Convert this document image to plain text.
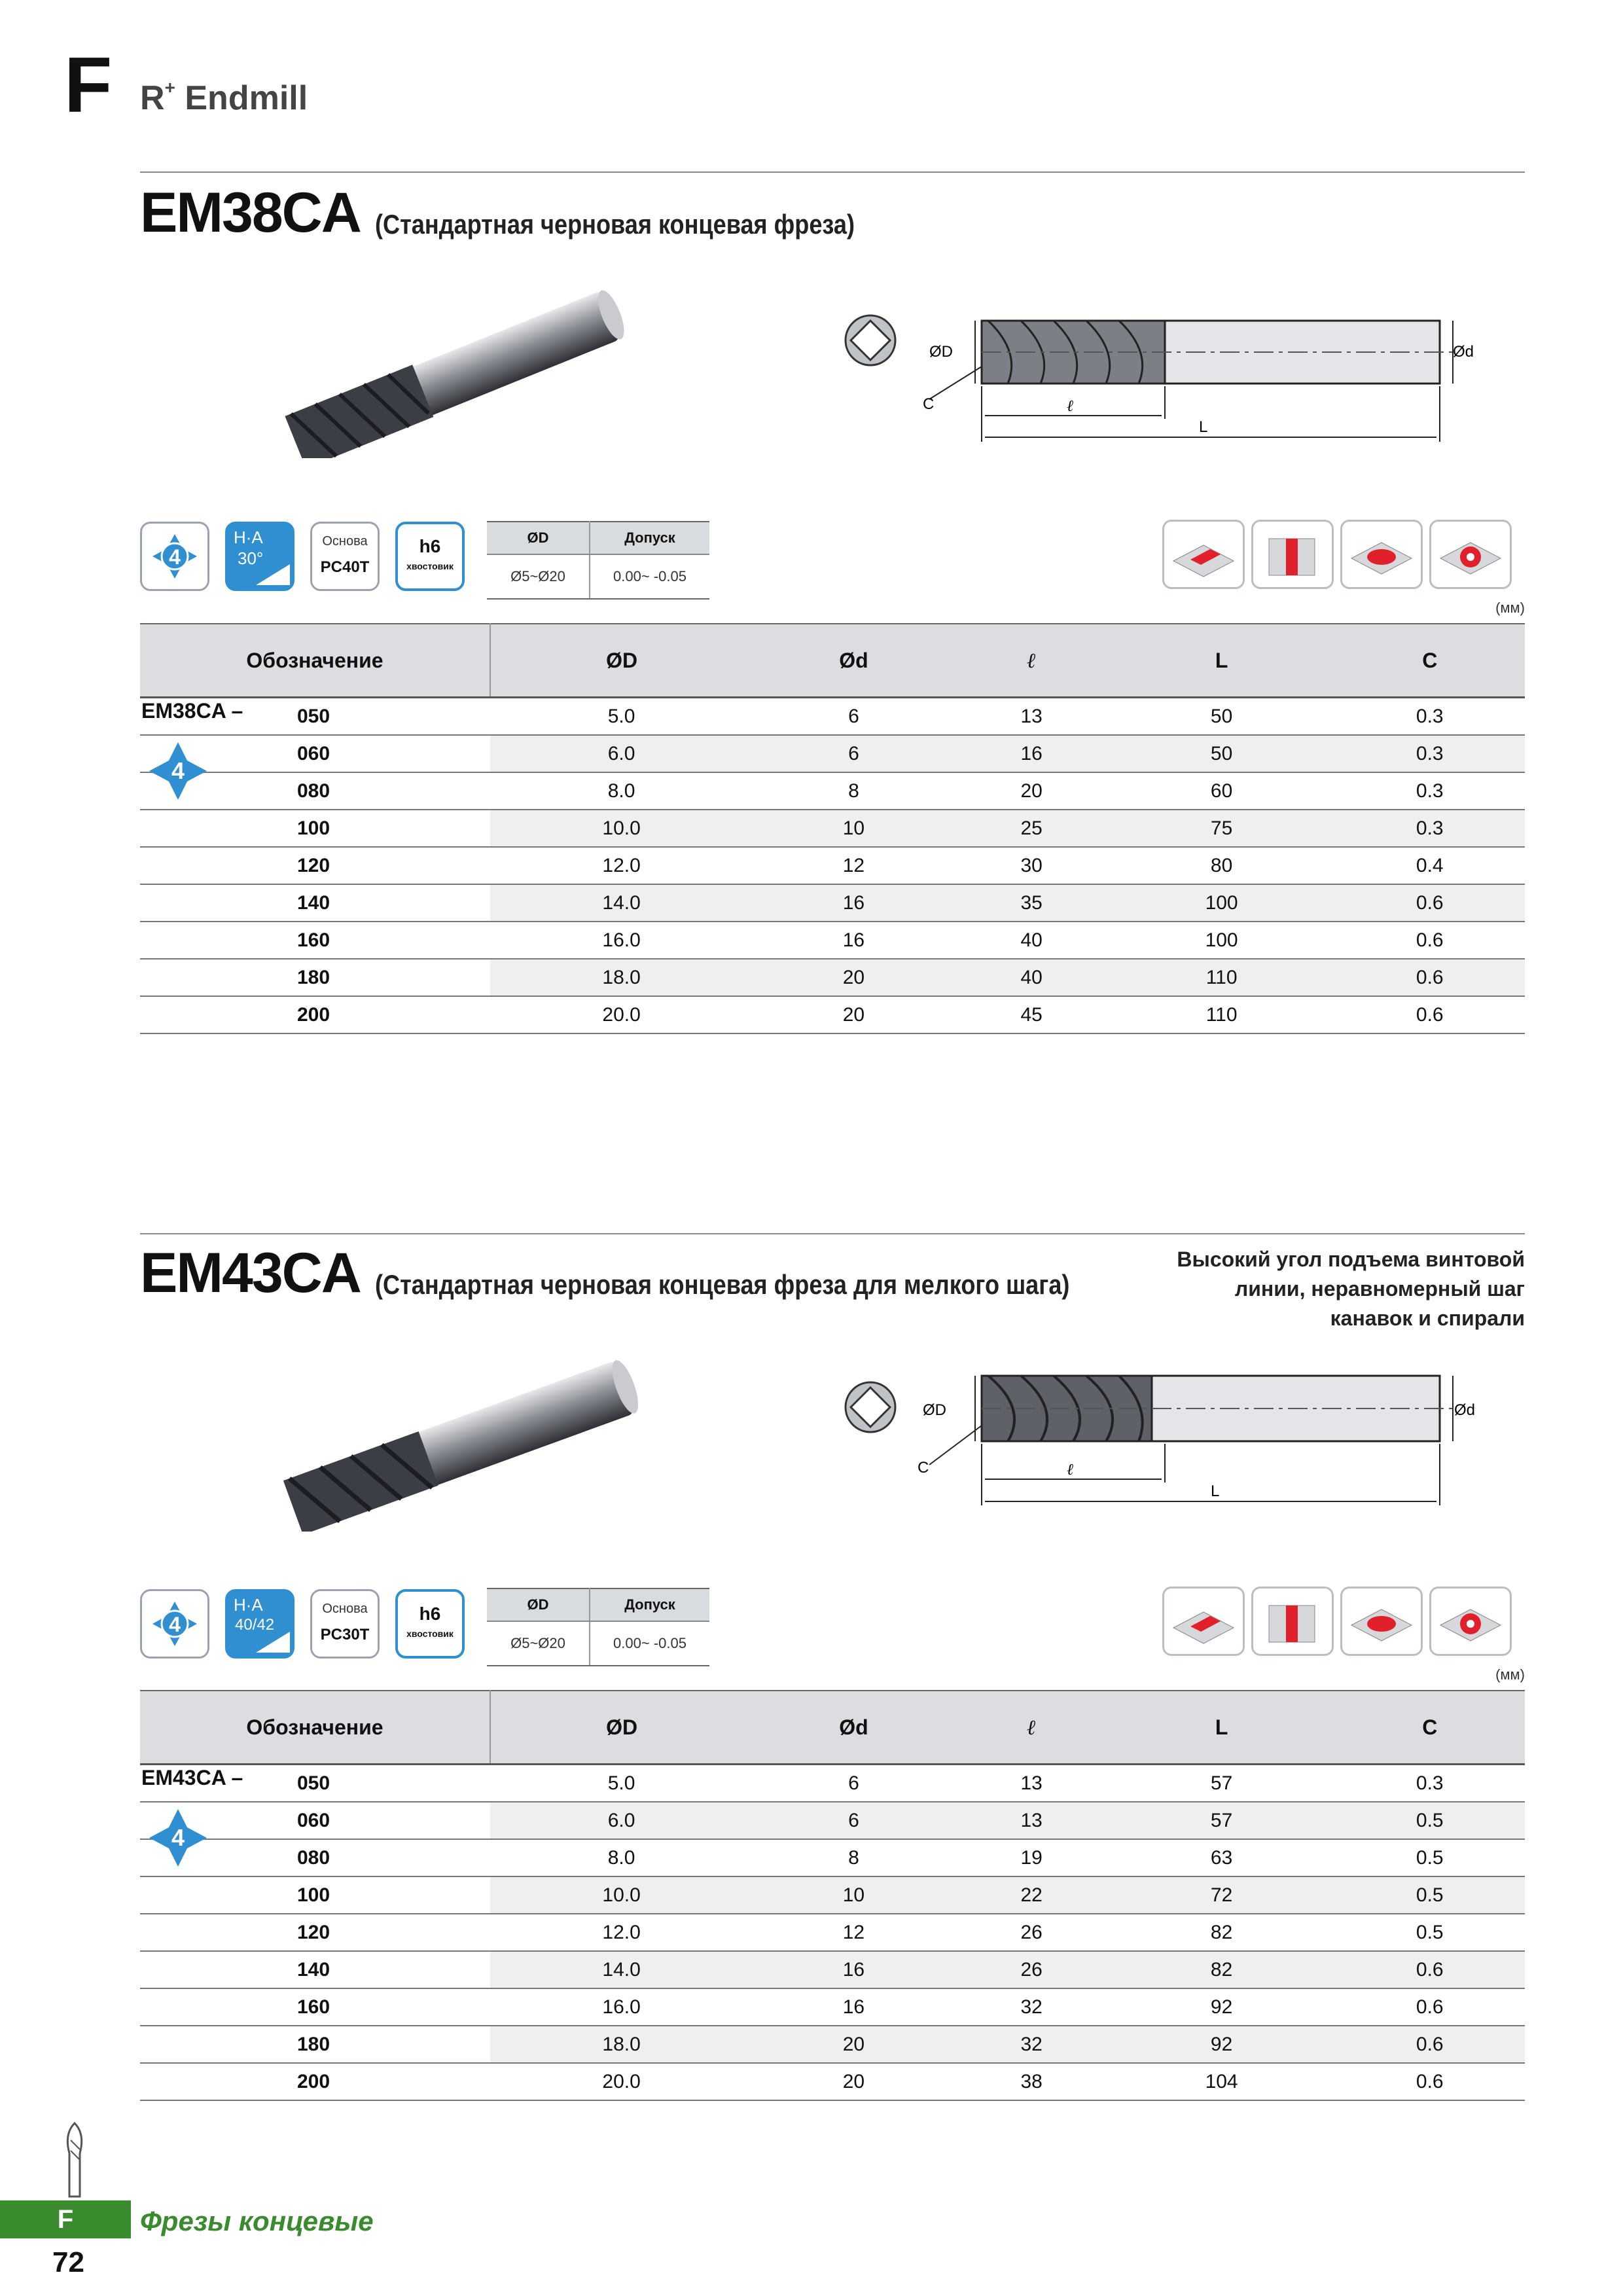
F R+ Endmill
EM38CA (Стандартная черновая концевая фреза)
ØD	Ød
C	ℓ
L
4
H·A
30°
Основа
PC40T
h6
хвостовик
ØD	Допуск
Ø5~Ø20	0.00~ -0.05
(мм)
Обозначение	ØD	Ød	ℓ	L	C
050	5.0	6	13	50	0.3
060	6.0	6	16	50	0.3
080	8.0	8	20	60	0.3
100	10.0	10	25	75	0.3
120	12.0	12	30	80	0.4
140	14.0	16	35	100	0.6
160	16.0	16	40	100	0.6
180	18.0	20	40	110	0.6
200	20.0	20	45	110	0.6
EM38CA –
4
EM43CA (Стандартная черновая концевая фреза для мелкого шага)
Высокий угол подъема винтовой
линии, неравномерный шаг
канавок и спирали
ØD	Ød
C	ℓ
L
4
H·A
40/42
Основа
PC30T
h6
хвостовик
ØD	Допуск
Ø5~Ø20	0.00~ -0.05
(мм)
Обозначение	ØD	Ød	ℓ	L	C
050	5.0	6	13	57	0.3
060	6.0	6	13	57	0.5
080	8.0	8	19	63	0.5
100	10.0	10	22	72	0.5
120	12.0	12	26	82	0.5
140	14.0	16	26	82	0.6
160	16.0	16	32	92	0.6
180	18.0	20	32	92	0.6
200	20.0	20	38	104	0.6
EM43CA –
4
F	Фрезы концевые
72
